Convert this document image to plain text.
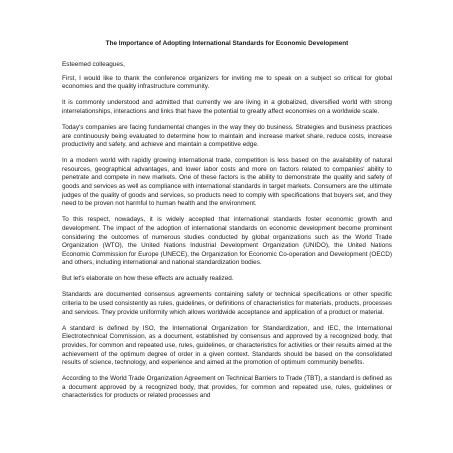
The Importance of Adopting International Standards for Economic Development
Esteemed colleagues,

First, I would like to thank the conference organizers for inviting me to speak on a subject so critical for global economies and the quality infrastructure community.

It is commonly understood and admitted that currently we are living in a globalized, diversified world with strong interrelationships, interactions and links that have the potential to greatly affect economies on a worldwide scale.

Today's companies are facing fundamental changes in the way they do business. Strategies and business practices are continuously being evaluated to determine how to maintain and increase market share, reduce costs, increase productivity and safety, and achieve and maintain a competitive edge.

In a modern world with rapidly growing international trade, competition is less based on the availability of natural resources, geographical advantages, and lower labor costs and more on factors related to companies' ability to penetrate and compete in new markets. One of these factors is the ability to demonstrate the quality and safety of goods and services as well as compliance with international standards in target markets. Consumers are the ultimate judges of the quality of goods and services, so products need to comply with specifications that buyers set, and they need to be proven not harmful to human health and the environment.

To this respect, nowadays, it is widely accepted that international standards foster economic growth and development. The impact of the adoption of international standards on economic development become prominent considering the outcomes of numerous studies conducted by global organizations such as the World Trade Organization (WTO), the United Nations Industrial Development Organization (UNIDO), the United Nations Economic Commission for Europe (UNECE), the Organization for Economic Co-operation and Development (OECD) and others, including international and national standardization bodies.

But let's elaborate on how these effects are actually realized.

Standards are documented consensus agreements containing safety or technical specifications or other specific criteria to be used consistently as rules, guidelines, or definitions of characteristics for materials, products, processes and services. They provide uniformity which allows worldwide acceptance and application of a product or material.

A standard is defined by ISO, the International Organization for Standardization, and IEC, the International Electrotechnical Commission, as a document, established by consensus and approved by a recognized body, that provides, for common and repeated use, rules, guidelines, or characteristics for activities or their results aimed at the achievement of the optimum degree of order in a given context. Standards should be based on the consolidated results of science, technology, and experience and aimed at the promotion of optimum community benefits.

According to the World Trade Organization Agreement on Technical Barriers to Trade (TBT), a standard is defined as a document approved by a recognized body, that provides, for common and repeated use, rules, guidelines or characteristics for products or related processes and
